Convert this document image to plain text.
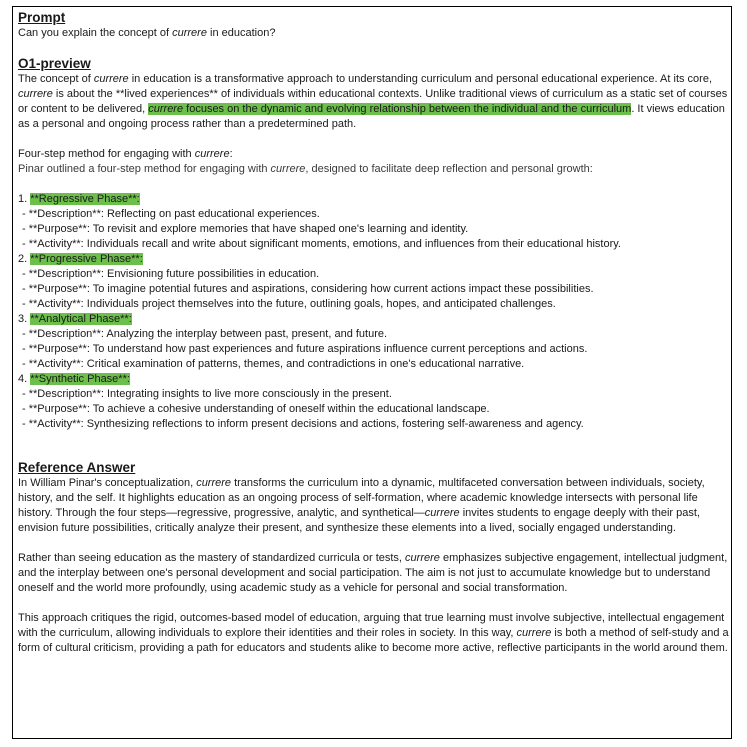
Prompt

Can you explain the concept of currere in education?

O1-preview

The concept of currere in education is a transformative approach to understanding curriculum and personal educational experience. At its core, currere is about the **lived experiences** of individuals within educational contexts. Unlike traditional views of curriculum as a static set of courses or content to be delivered, currere focuses on the dynamic and evolving relationship between the individual and the curriculum. It views education as a personal and ongoing process rather than a predetermined path.

Four-step method for engaging with currere:

Pinar outlined a four-step method for engaging with currere, designed to facilitate deep reflection and personal growth:

1. **Regressive Phase**:

- **Description**: Reflecting on past educational experiences.

- **Purpose**: To revisit and explore memories that have shaped one's learning and identity.

- **Activity**: Individuals recall and write about significant moments, emotions, and influences from their educational history.

2. **Progressive Phase**:

- **Description**: Envisioning future possibilities in education.

- **Purpose**: To imagine potential futures and aspirations, considering how current actions impact these possibilities.

- **Activity**: Individuals project themselves into the future, outlining goals, hopes, and anticipated challenges.

3. **Analytical Phase**:

- **Description**: Analyzing the interplay between past, present, and future.

- **Purpose**: To understand how past experiences and future aspirations influence current perceptions and actions.

- **Activity**: Critical examination of patterns, themes, and contradictions in one's educational narrative.

4. **Synthetic Phase**:

- **Description**: Integrating insights to live more consciously in the present.

- **Purpose**: To achieve a cohesive understanding of oneself within the educational landscape.

- **Activity**: Synthesizing reflections to inform present decisions and actions, fostering self-awareness and agency.

Reference Answer

In William Pinar's conceptualization, currere transforms the curriculum into a dynamic, multifaceted conversation between individuals, society, history, and the self. It highlights education as an ongoing process of self-formation, where academic knowledge intersects with personal life history. Through the four steps—regressive, progressive, analytic, and synthetical—currere invites students to engage deeply with their past, envision future possibilities, critically analyze their present, and synthesize these elements into a lived, socially engaged understanding.

Rather than seeing education as the mastery of standardized curricula or tests, currere emphasizes subjective engagement, intellectual judgment, and the interplay between one's personal development and social participation. The aim is not just to accumulate knowledge but to understand oneself and the world more profoundly, using academic study as a vehicle for personal and social transformation.

This approach critiques the rigid, outcomes-based model of education, arguing that true learning must involve subjective, intellectual engagement with the curriculum, allowing individuals to explore their identities and their roles in society. In this way, currere is both a method of self-study and a form of cultural criticism, providing a path for educators and students alike to become more active, reflective participants in the world around them.
